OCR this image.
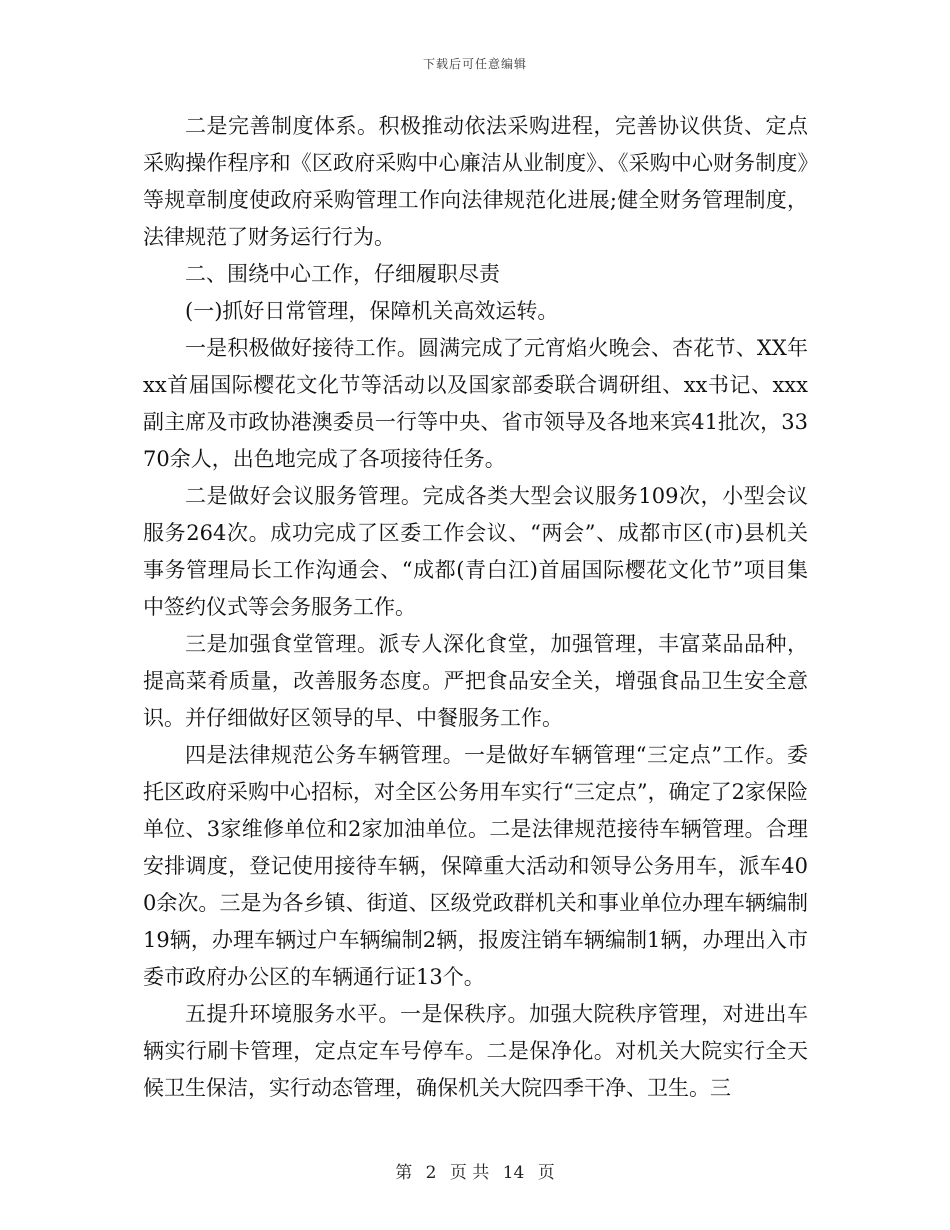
下载后可任意编辑

二是完善制度体系。积极推动依法采购进程，完善协议供货、定点采购操作程序和《区政府采购中心廉洁从业制度》、《采购中心财务制度》等规章制度使政府采购管理工作向法律规范化进展;健全财务管理制度，法律规范了财务运行行为。

二、围绕中心工作，仔细履职尽责

(一)抓好日常管理，保障机关高效运转。

一是积极做好接待工作。圆满完成了元宵焰火晚会、杏花节、XX年xx首届国际樱花文化节等活动以及国家部委联合调研组、xx书记、xxx副主席及市政协港澳委员一行等中央、省市领导及各地来宾41批次，3370余人，出色地完成了各项接待任务。

二是做好会议服务管理。完成各类大型会议服务109次，小型会议服务264次。成功完成了区委工作会议、“两会”、成都市区(市)县机关事务管理局长工作沟通会、“成都(青白江)首届国际樱花文化节”项目集中签约仪式等会务服务工作。

三是加强食堂管理。派专人深化食堂，加强管理，丰富菜品品种，提高菜肴质量，改善服务态度。严把食品安全关，增强食品卫生安全意识。并仔细做好区领导的早、中餐服务工作。

四是法律规范公务车辆管理。一是做好车辆管理“三定点”工作。委托区政府采购中心招标，对全区公务用车实行“三定点”，确定了2家保险单位、3家维修单位和2家加油单位。二是法律规范接待车辆管理。合理安排调度，登记使用接待车辆，保障重大活动和领导公务用车，派车400余次。三是为各乡镇、街道、区级党政群机关和事业单位办理车辆编制19辆，办理车辆过户车辆编制2辆，报废注销车辆编制1辆，办理出入市委市政府办公区的车辆通行证13个。

五提升环境服务水平。一是保秩序。加强大院秩序管理，对进出车辆实行刷卡管理，定点定车号停车。二是保净化。对机关大院实行全天候卫生保洁，实行动态管理，确保机关大院四季干净、卫生。三

第 2 页 共 14 页
